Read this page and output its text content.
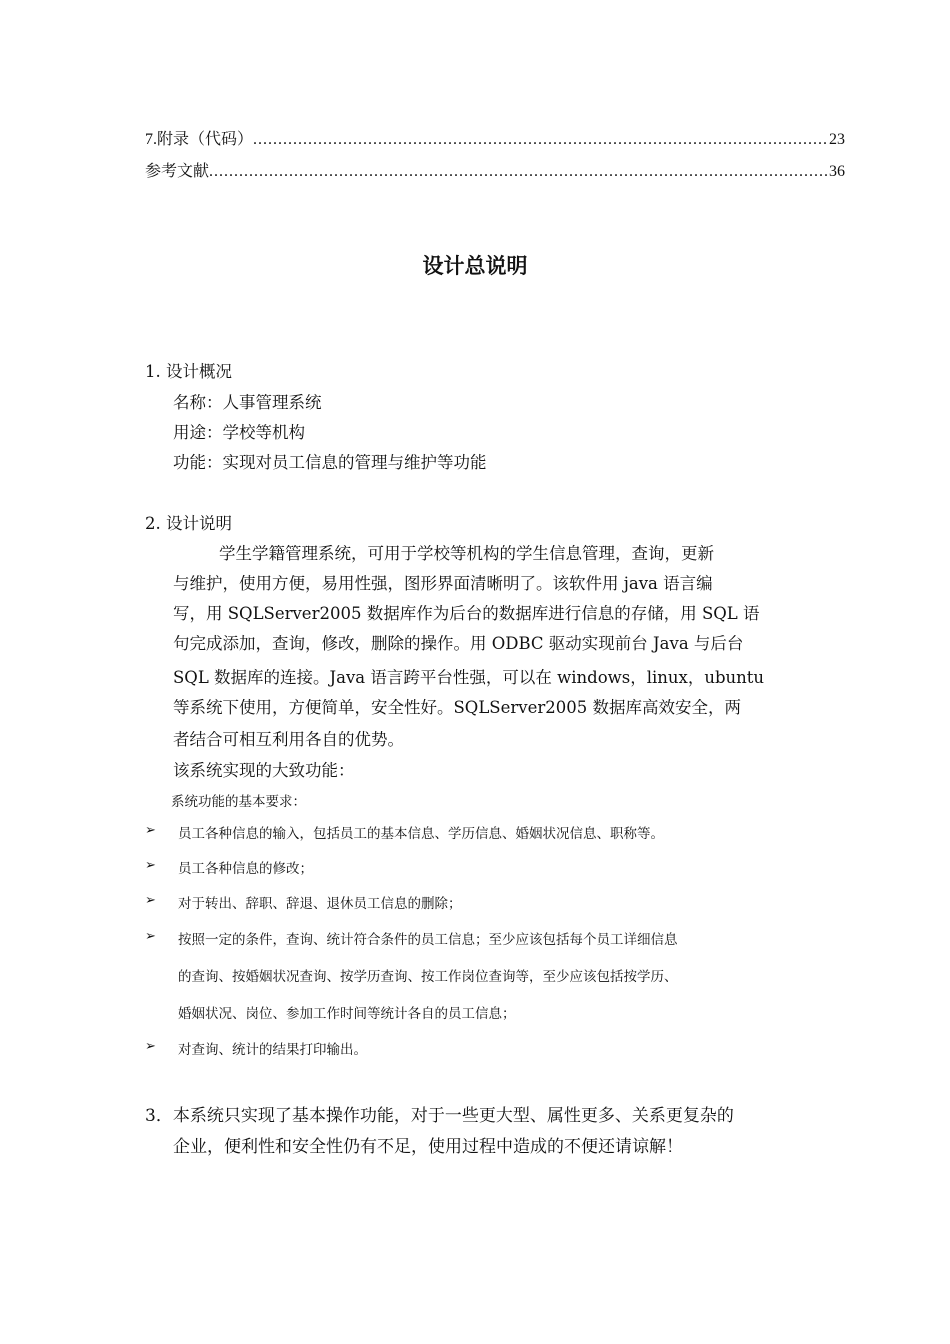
7.附录（代码） .....	23
参考文献 .....	36
设计总说明
1. 设计概况
名称：人事管理系统
用途：学校等机构
功能：实现对员工信息的管理与维护等功能
2. 设计说明
学生学籍管理系统，可用于学校等机构的学生信息管理，查询，更新
与维护，使用方便，易用性强，图形界面清晰明了。该软件用 java 语言编
写，用 SQLServer2005 数据库作为后台的数据库进行信息的存储，用 SQL 语
句完成添加，查询，修改，删除的操作。用 ODBC 驱动实现前台 Java 与后台
SQL 数据库的连接。Java 语言跨平台性强，可以在 windows，linux，ubuntu
等系统下使用，方便简单，安全性好。SQLServer2005 数据库高效安全，两
者结合可相互利用各自的优势。
该系统实现的大致功能：
系统功能的基本要求：
➢ 员工各种信息的输入，包括员工的基本信息、学历信息、婚姻状况信息、职称等。
➢ 员工各种信息的修改；
➢ 对于转出、辞职、辞退、退休员工信息的删除；
➢ 按照一定的条件，查询、统计符合条件的员工信息；至少应该包括每个员工详细信息
的查询、按婚姻状况查询、按学历查询、按工作岗位查询等，至少应该包括按学历、
婚姻状况、岗位、参加工作时间等统计各自的员工信息；
➢ 对查询、统计的结果打印输出。
3．本系统只实现了基本操作功能，对于一些更大型、属性更多、关系更复杂的
企业，便利性和安全性仍有不足，使用过程中造成的不便还请谅解！
